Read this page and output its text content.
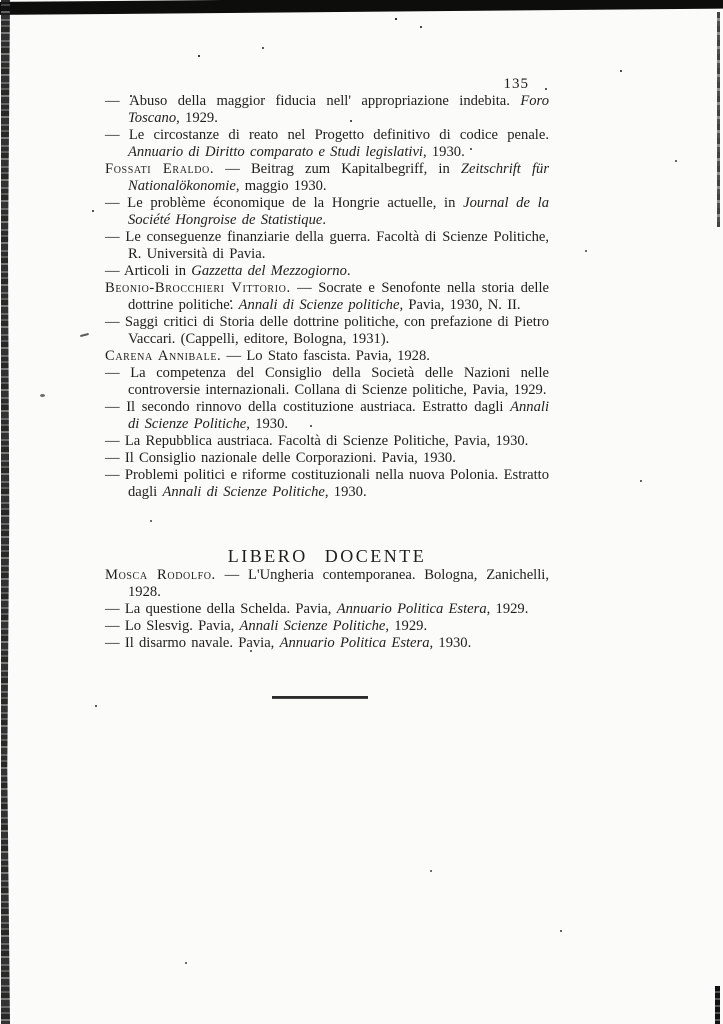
135

— Abuso della maggior fiducia nell' appropriazione indebita. Foro Toscano, 1929.

— Le circostanze di reato nel Progetto definitivo di codice penale. Annuario di Diritto comparato e Studi legislativi, 1930.

Fossati Eraldo. — Beitrag zum Kapitalbegriff, in Zeitschrift für Nationalökonomie, maggio 1930.

— Le problème économique de la Hongrie actuelle, in Journal de la Société Hongroise de Statistique.

— Le conseguenze finanziarie della guerra. Facoltà di Scienze Politiche, R. Università di Pavia.

— Articoli in Gazzetta del Mezzogiorno.

Beonio-Brocchieri Vittorio. — Socrate e Senofonte nella storia delle dottrine politiche. Annali di Scienze politiche, Pavia, 1930, N. II.

— Saggi critici di Storia delle dottrine politiche, con prefazione di Pietro Vaccari. (Cappelli, editore, Bologna, 1931).

Carena Annibale. — Lo Stato fascista. Pavia, 1928.

— La competenza del Consiglio della Società delle Nazioni nelle controversie internazionali. Collana di Scienze politiche, Pavia, 1929.

— Il secondo rinnovo della costituzione austriaca. Estratto dagli Annali di Scienze Politiche, 1930.

— La Repubblica austriaca. Facoltà di Scienze Politiche, Pavia, 1930.

— Il Consiglio nazionale delle Corporazioni. Pavia, 1930.

— Problemi politici e riforme costituzionali nella nuova Polonia. Estratto dagli Annali di Scienze Politiche, 1930.

LIBERO DOCENTE

Mosca Rodolfo. — L'Ungheria contemporanea. Bologna, Zanichelli, 1928.

— La questione della Schelda. Pavia, Annuario Politica Estera, 1929.

— Lo Slesvig. Pavia, Annali Scienze Politiche, 1929.

— Il disarmo navale. Pavia, Annuario Politica Estera, 1930.
